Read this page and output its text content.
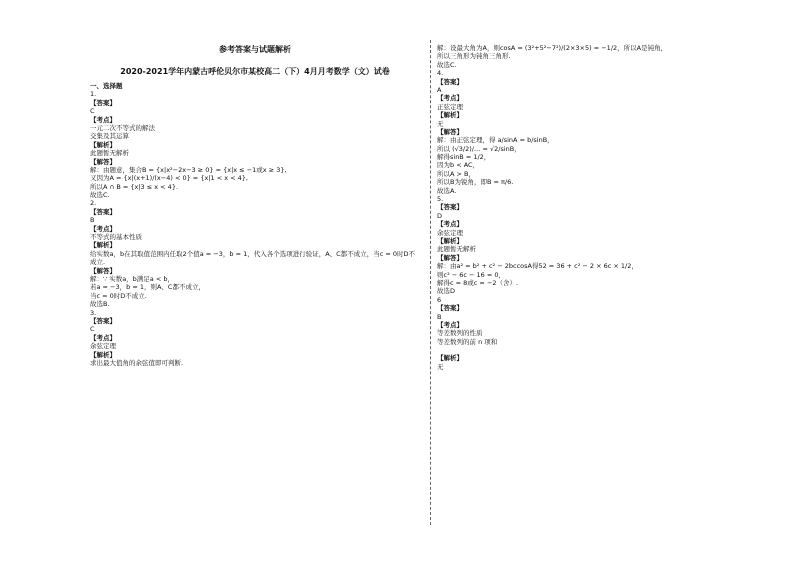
参考答案与试题解析
2020-2021学年内蒙古呼伦贝尔市某校高二（下）4月月考数学（文）试卷
一、选择题
1.
【答案】
C
【考点】
一元二次不等式的解法
交集及其运算
【解析】
此题暂无解析
【解答】
解：由题意，集合B = {x|x²−2x−3 ≥ 0} = {x|x ≤ −1或x ≥ 3},
又因为A = {x|(x+1)/(x−4) < 0} = {x|1 < x < 4},
所以A ∩ B = {x|3 ≤ x < 4}.
故选C.
2.
【答案】
B
【考点】
不等式的基本性质
【解析】
给实数a，b在其取值范围内任取2个值a = −3，b = 1，代入各个选项进行验证，A、C都不成立，当c = 0时D不
成立.
【解答】
解：∵ 实数a，b满足a < b，
若a = −3，b = 1，则A、C都不成立，
当c = 0时D不成立.
故选B.
3.
【答案】
C
【考点】
余弦定理
【解析】
求出最大值角的余弦值即可判断.
解：设最大角为A，则cosA = (3²+5²−7²)/(2×3×5) = −1/2，所以A是钝角，
所以三角形为钝角三角形.
故选C.
4.
【答案】
A
【考点】
正弦定理
【解析】
无
【解答】
解：由正弦定理，得 a/sinA = b/sinB，
所以 (√3/2)/… = √2/sinB，
解得sinB = 1/2，
因为b < AC，
所以A > B，
所以B为锐角，即B = π/6.
故选A.
5.
【答案】
D
【考点】
余弦定理
【解析】
此题暂无解析
【解答】
解：由a² = b² + c² − 2bccosA得52 = 36 + c² − 2 × 6c × 1/2，
则c² − 6c − 16 = 0，
解得c = 8或c = −2（舍）.
故选D
6
【答案】
B
【考点】
等差数列的性质
等差数列的前 n 项和
【解析】
无
